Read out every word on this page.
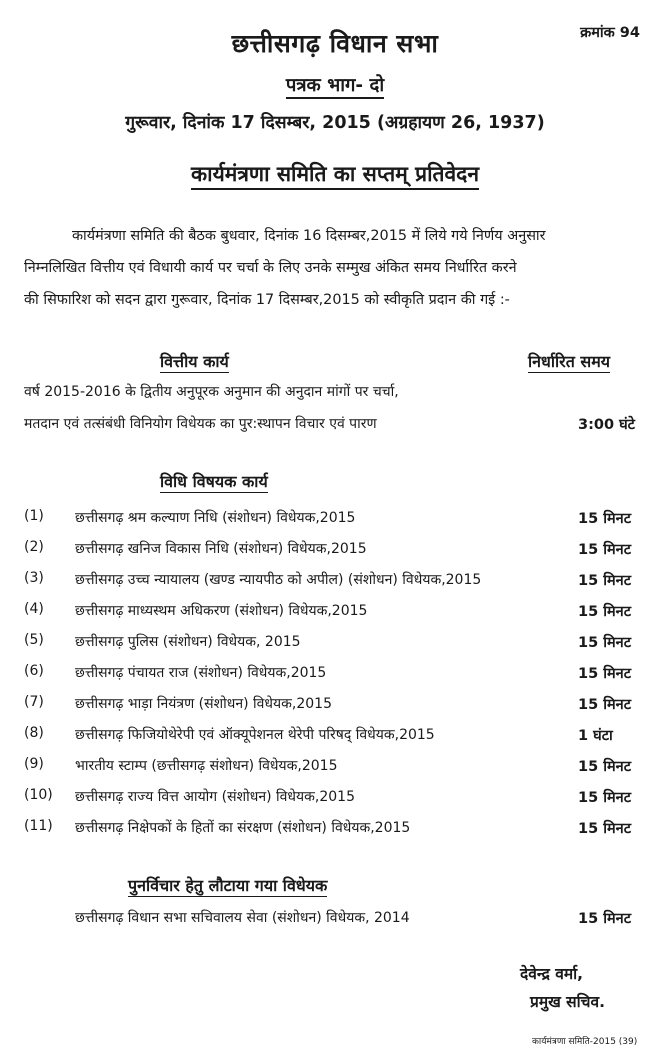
क्रमांक 94
छत्तीसगढ़ विधान सभा
पत्रक भाग- दो
गुरूवार, दिनांक 17 दिसम्बर, 2015 (अग्रहायण 26, 1937)
कार्यमंत्रणा समिति का सप्तम् प्रतिवेदन
कार्यमंत्रणा समिति की बैठक बुधवार, दिनांक 16 दिसम्बर,2015 में लिये गये निर्णय अनुसार
निम्नलिखित वित्तीय एवं विधायी कार्य पर चर्चा के लिए उनके सम्मुख अंकित समय निर्धारित करने
की सिफारिश को सदन द्वारा गुरूवार, दिनांक 17 दिसम्बर,2015 को स्वीकृति प्रदान की गई :-
वित्तीय कार्य	निर्धारित समय
वर्ष 2015-2016 के द्वितीय अनुपूरक अनुमान की अनुदान मांगों पर चर्चा,
मतदान एवं तत्संबंधी विनियोग विधेयक का पुर:स्थापन विचार एवं पारण	3:00 घंटे
विधि विषयक कार्य
(1) छत्तीसगढ़ श्रम कल्याण निधि (संशोधन) विधेयक,2015	15 मिनट
(2) छत्तीसगढ़ खनिज विकास निधि (संशोधन) विधेयक,2015	15 मिनट
(3) छत्तीसगढ़ उच्च न्यायालय (खण्ड न्यायपीठ को अपील) (संशोधन) विधेयक,2015	15 मिनट
(4) छत्तीसगढ़ माध्यस्थम अधिकरण (संशोधन) विधेयक,2015	15 मिनट
(5) छत्तीसगढ़ पुलिस (संशोधन) विधेयक, 2015	15 मिनट
(6) छत्तीसगढ़ पंचायत राज (संशोधन) विधेयक,2015	15 मिनट
(7) छत्तीसगढ़ भाड़ा नियंत्रण (संशोधन) विधेयक,2015	15 मिनट
(8) छत्तीसगढ़ फिजियोथेरेपी एवं ऑक्यूपेशनल थेरेपी परिषद् विधेयक,2015	1 घंटा
(9) भारतीय स्टाम्प (छत्तीसगढ़ संशोधन) विधेयक,2015	15 मिनट
(10) छत्तीसगढ़ राज्य वित्त आयोग (संशोधन) विधेयक,2015	15 मिनट
(11) छत्तीसगढ़ निक्षेपकों के हितों का संरक्षण (संशोधन) विधेयक,2015	15 मिनट
पुनर्विचार हेतु लौटाया गया विधेयक
छत्तीसगढ़ विधान सभा सचिवालय सेवा (संशोधन) विधेयक, 2014	15 मिनट
देवेन्द्र वर्मा,
प्रमुख सचिव.
कार्यमंत्रणा समिति-2015 (39)
